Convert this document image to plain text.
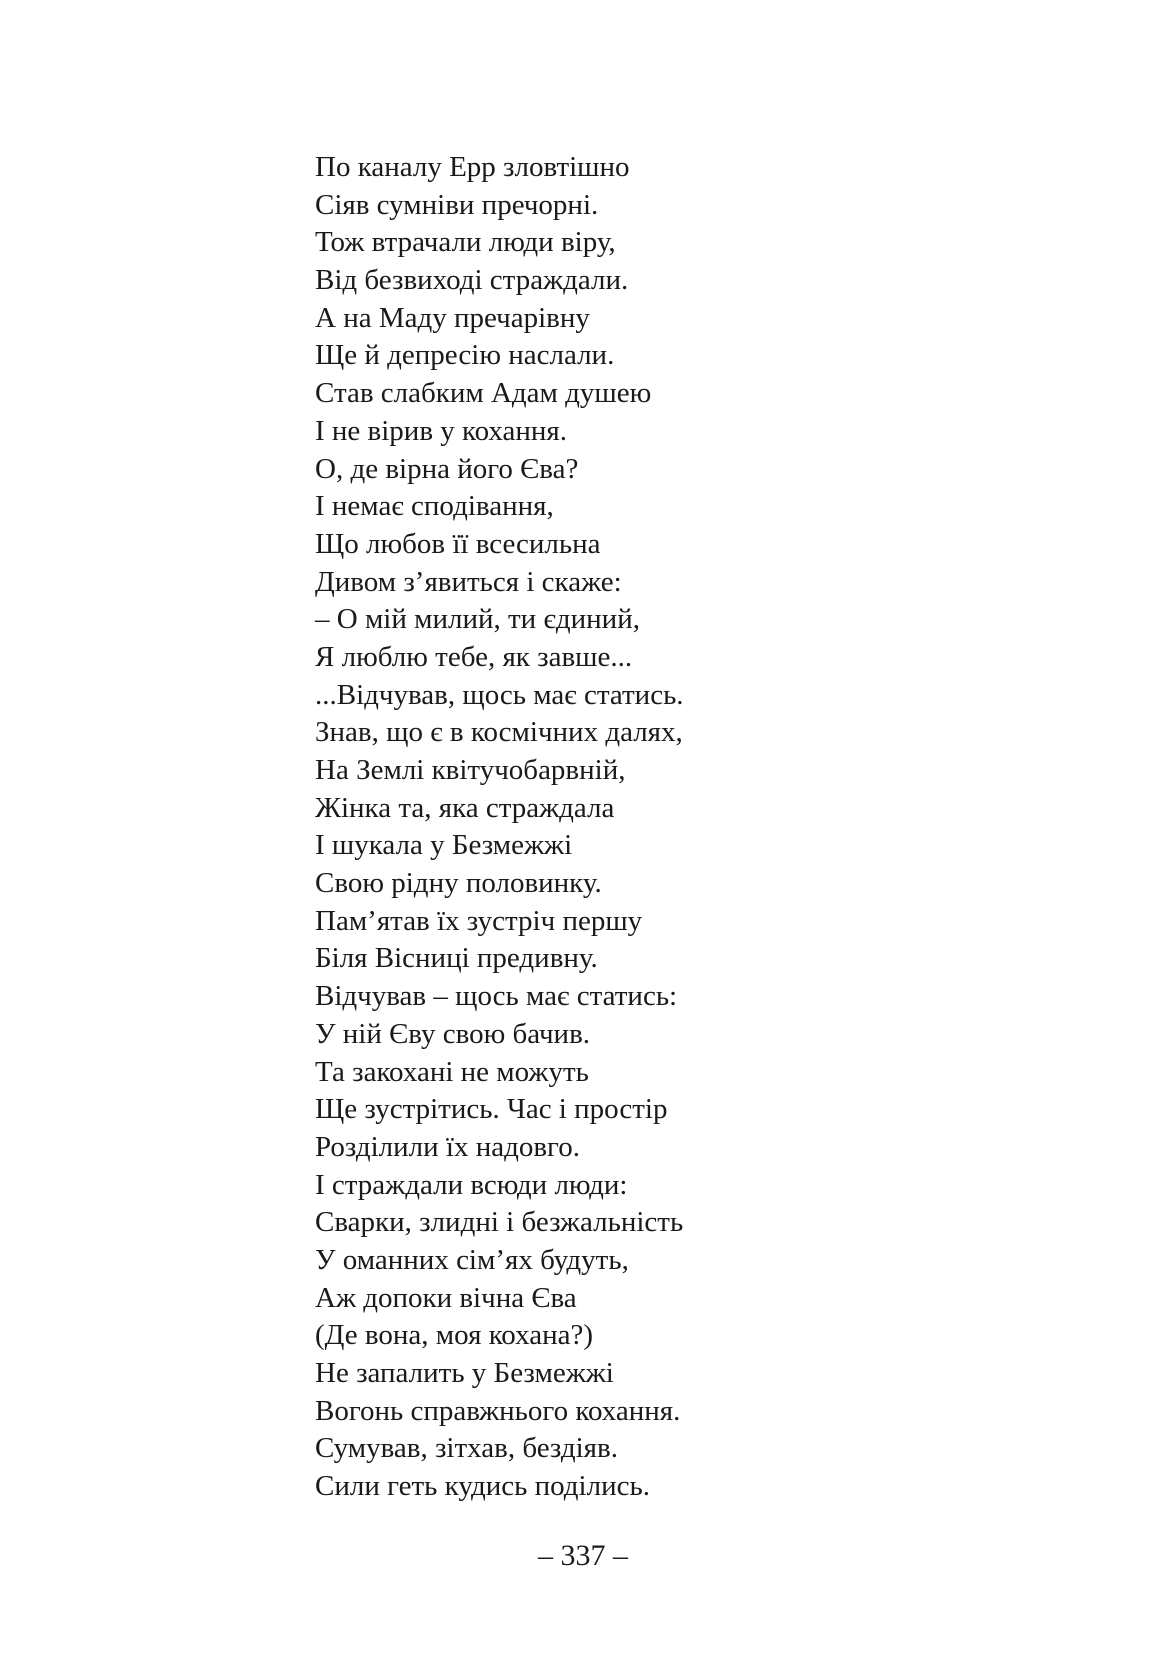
По каналу Ерр зловтішно
Сіяв сумніви пречорні.
Тож втрачали люди віру,
Від безвиході страждали.
А на Маду пречарівну
Ще й депресію наслали.
Став слабким Адам душею
І не вірив у кохання.
О, де вірна його Єва?
І немає сподівання,
Що любов її всесильна
Дивом з’явиться і скаже:
– О мій милий, ти єдиний,
Я люблю тебе, як завше...
...Відчував, щось має статись.
Знав, що є в космічних далях,
На Землі квітучобарвній,
Жінка та, яка страждала
І шукала у Безмежжі
Свою рідну половинку.
Пам’ятав їх зустріч першу
Біля Вісниці предивну.
Відчував – щось має статись:
У ній Єву свою бачив.
Та закохані не можуть
Ще зустрітись. Час і простір
Розділили їх надовго.
І страждали всюди люди:
Сварки, злидні і безжальність
У оманних сім’ях будуть,
Аж допоки вічна Єва
(Де вона, моя кохана?)
Не запалить у Безмежжі
Вогонь справжнього кохання.
Сумував, зітхав, бездіяв.
Сили геть кудись поділись.
– 337 –
